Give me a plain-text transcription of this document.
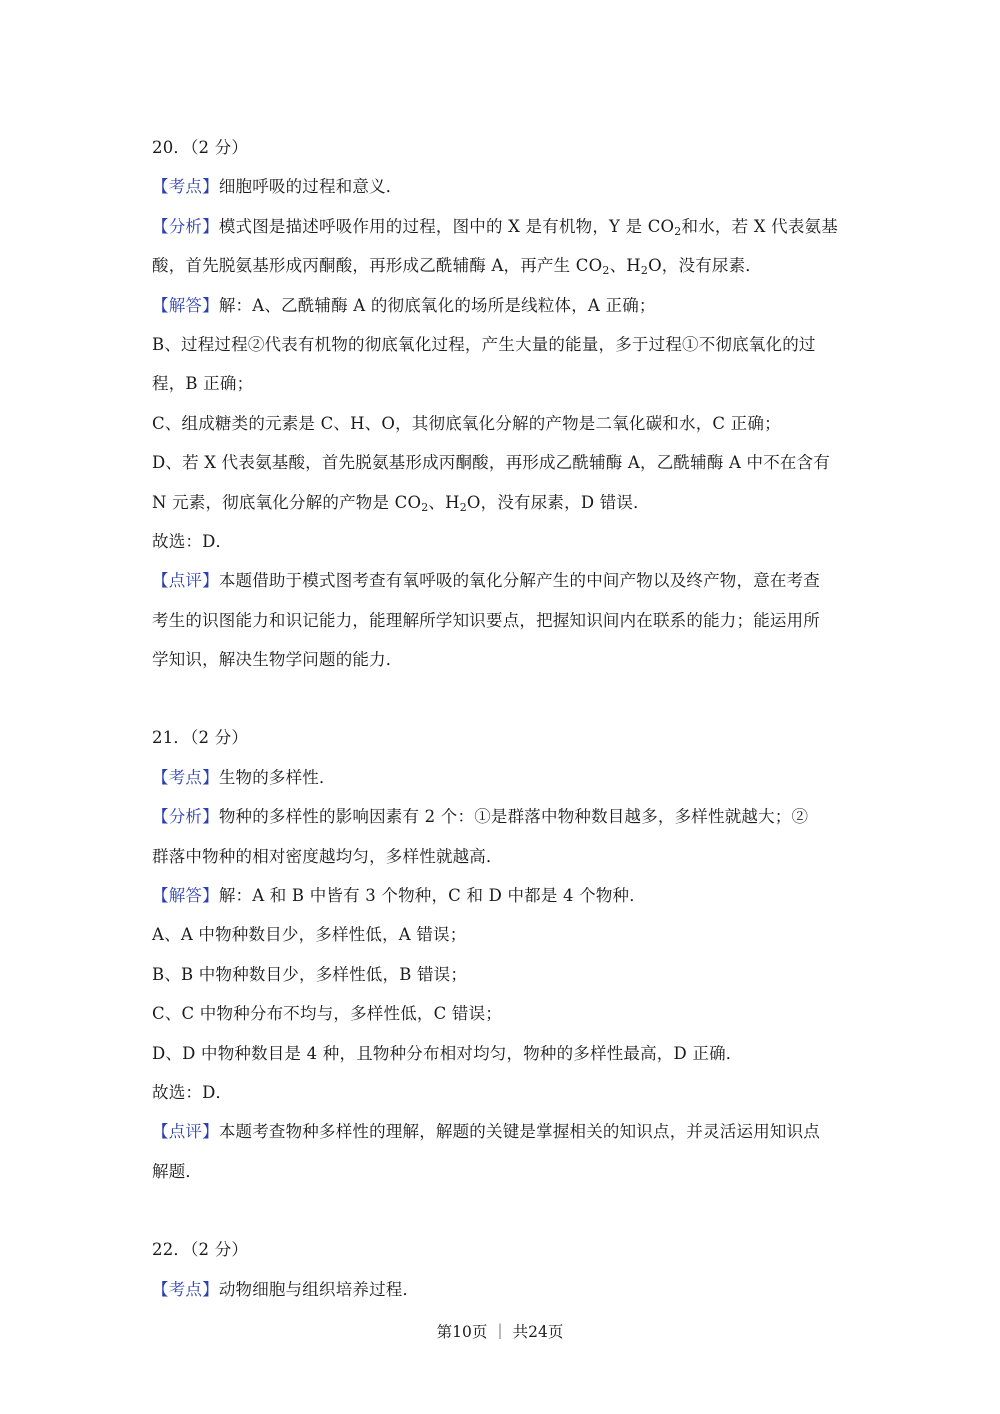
20．（2 分）
【考点】细胞呼吸的过程和意义．
【分析】模式图是描述呼吸作用的过程，图中的 X 是有机物，Y 是 $CO_2$和水，若 X 代表氨基
酸，首先脱氨基形成丙酮酸，再形成乙酰辅酶 A，再产生 $CO_2$、$H_2O$，没有尿素．
【解答】解：A、乙酰辅酶 A 的彻底氧化的场所是线粒体，A 正确；
B、过程过程②代表有机物的彻底氧化过程，产生大量的能量，多于过程①不彻底氧化的过
程，B 正确；
C、组成糖类的元素是 C、H、O，其彻底氧化分解的产物是二氧化碳和水，C 正确；
D、若 X 代表氨基酸，首先脱氨基形成丙酮酸，再形成乙酰辅酶 A，乙酰辅酶 A 中不在含有
N 元素，彻底氧化分解的产物是 $CO_2$、$H_2O$，没有尿素，D 错误．
故选：D．
【点评】本题借助于模式图考查有氧呼吸的氧化分解产生的中间产物以及终产物，意在考查
考生的识图能力和识记能力，能理解所学知识要点，把握知识间内在联系的能力；能运用所
学知识，解决生物学问题的能力．
21．（2 分）
【考点】生物的多样性．
【分析】物种的多样性的影响因素有 2 个：①是群落中物种数目越多，多样性就越大；②
群落中物种的相对密度越均匀，多样性就越高．
【解答】解：A 和 B 中皆有 3 个物种，C 和 D 中都是 4 个物种．
A、A 中物种数目少，多样性低，A 错误；
B、B 中物种数目少，多样性低，B 错误；
C、C 中物种分布不均与，多样性低，C 错误；
D、D 中物种数目是 4 种，且物种分布相对均匀，物种的多样性最高，D 正确．
故选：D．
【点评】本题考查物种多样性的理解，解题的关键是掌握相关的知识点，并灵活运用知识点
解题．
22．（2 分）
【考点】动物细胞与组织培养过程．
第10页 ｜ 共24页
